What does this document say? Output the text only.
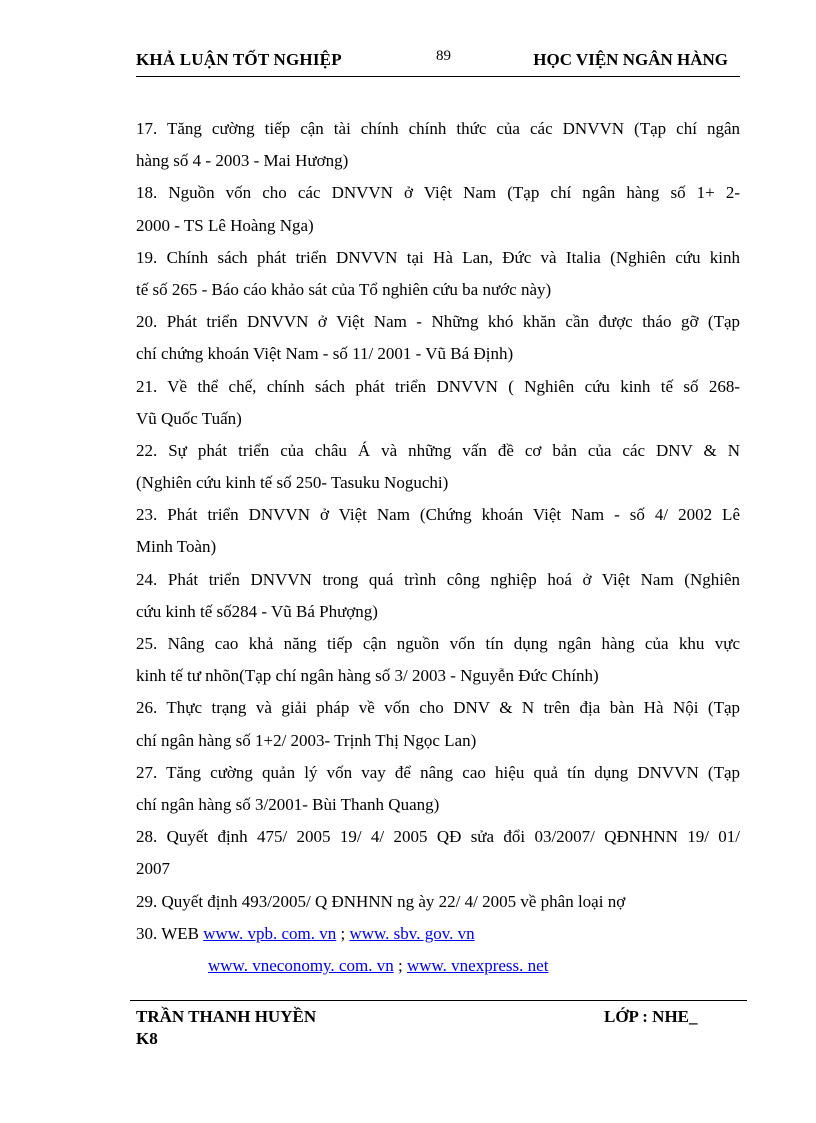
KHẢ LUẬN TỐT NGHIỆP	89	HỌC VIỆN NGÂN HÀNG
17. Tăng cường tiếp cận tài chính chính thức của các DNVVN (Tạp chí ngân
hàng số 4 - 2003 - Mai Hương)
18. Nguồn vốn cho các DNVVN ở Việt Nam (Tạp chí ngân hàng số 1+ 2-
2000 - TS Lê Hoàng Nga)
19. Chính sách phát triển DNVVN tại Hà Lan, Đức và Italia (Nghiên cứu kinh
tế số 265 - Báo cáo khảo sát của Tổ nghiên cứu ba nước này)
20. Phát triển DNVVN ở Việt Nam - Những khó khăn cần được tháo gỡ (Tạp
chí chứng khoán Việt Nam - số 11/ 2001 - Vũ Bá Định)
21. Về thể chế, chính sách phát triển DNVVN ( Nghiên cứu kinh tế số 268-
Vũ Quốc Tuấn)
22. Sự phát triển của châu Á và những vấn đề cơ bản của các DNV & N
(Nghiên cứu kinh tế số 250- Tasuku Noguchi)
23. Phát triển DNVVN ở Việt Nam (Chứng khoán Việt Nam - số 4/ 2002 Lê
Minh Toàn)
24. Phát triển DNVVN trong quá trình công nghiệp hoá ở Việt Nam (Nghiên
cứu kinh tế số284 - Vũ Bá Phượng)
25. Nâng cao khả năng tiếp cận nguồn vốn tín dụng ngân hàng của khu vực
kinh tế tư nhõn(Tạp chí ngân hàng số 3/ 2003 - Nguyễn Đức Chính)
26. Thực trạng và giải pháp về vốn cho DNV & N trên địa bàn Hà Nội (Tạp
chí ngân hàng số 1+2/ 2003- Trịnh Thị Ngọc Lan)
27. Tăng cường quản lý vốn vay để nâng cao hiệu quả tín dụng DNVVN (Tạp
chí ngân hàng số 3/2001- Bùi Thanh Quang)
28. Quyết định 475/ 2005 19/ 4/ 2005 QĐ sửa đổi 03/2007/ QĐNHNN 19/ 01/
2007
29. Quyết định 493/2005/ Q ĐNHNN ng ày 22/ 4/ 2005 về phân loại nợ
30. WEB www. vpb. com. vn ; www. sbv. gov. vn
www. vneconomy. com. vn ; www. vnexpress. net
TRẦN THANH HUYỀN	LỚP : NHE_
K8
